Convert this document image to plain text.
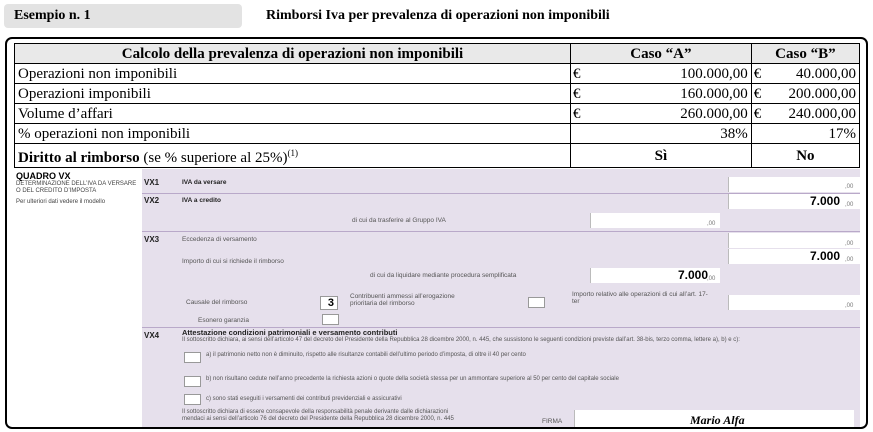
Esempio n. 1	Rimborsi Iva per prevalenza di operazioni non imponibili
Calcolo della prevalenza di operazioni non imponibili	Caso “A”		Caso “B”	
Operazioni non imponibili	€	100.000,00	€	40.000,00
Operazioni imponibili	€	160.000,00	€	200.000,00
Volume d’affari	€	260.000,00	€	240.000,00
% operazioni non imponibili	38%		17%	
Diritto al rimborso (se % superiore al 25%)$^{(1)}$	Sì		No	
QUADRO VX
DETERMINAZIONE DELL’IVA DA VERSARE O DEL CREDITO D’IMPOSTA
Per ulteriori dati vedere il modello
VX1	IVA da versare
,00
VX2	IVA a credito	7.000 ,00
di cui da trasferire al Gruppo IVA	,00
VX3	Eccedenza di versamento
,00
Importo di cui si richiede il rimborso	7.000 ,00
di cui da liquidare mediante procedura semplificata	7.000 ,00
Causale del rimborso	3
Contribuenti ammessi all’erogazione prioritaria del rimborso
Importo relativo alle operazioni di cui all’art. 17-ter
,00
Esonero garanzia
VX4	Attestazione condizioni patrimoniali e versamento contributi
Il sottoscritto dichiara, ai sensi dell’articolo 47 del decreto del Presidente della Repubblica 28 dicembre 2000, n. 445, che sussistono le seguenti condizioni previste dall’art. 38-bis, terzo comma, lettere a), b) e c):
a) il patrimonio netto non è diminuito, rispetto alle risultanze contabili dell’ultimo periodo d’imposta, di oltre il 40 per cento
b) non risultano cedute nell’anno precedente la richiesta azioni o quote della società stessa per un ammontare superiore al 50 per cento del capitale sociale
c) sono stati eseguiti i versamenti dei contributi previdenziali e assicurativi
Il sottoscritto dichiara di essere consapevole della responsabilità penale derivante dalle dichiarazioni mendaci ai sensi dell’articolo 76 del decreto del Presidente della Repubblica 28 dicembre 2000, n. 445	FIRMA	Mario Alfa
